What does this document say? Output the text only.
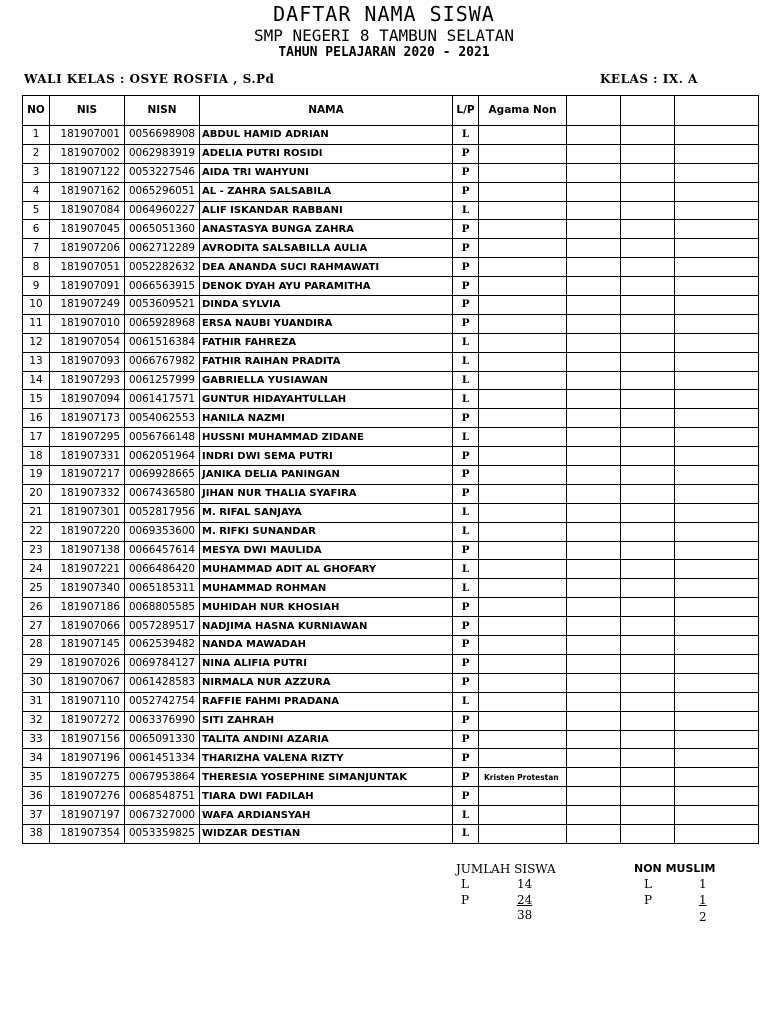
DAFTAR NAMA SISWA
SMP NEGERI 8 TAMBUN SELATAN
TAHUN PELAJARAN 2020 - 2021
WALI KELAS : OSYE ROSFIA , S.Pd	KELAS : IX. A
NO	NIS	NISN	NAMA	L/P	Agama Non			
1	181907001	0056698908	ABDUL HAMID ADRIAN	L				
2	181907002	0062983919	ADELIA PUTRI ROSIDI	P				
3	181907122	0053227546	AIDA TRI WAHYUNI	P				
4	181907162	0065296051	AL - ZAHRA SALSABILA	P				
5	181907084	0064960227	ALIF ISKANDAR RABBANI	L				
6	181907045	0065051360	ANASTASYA BUNGA ZAHRA	P				
7	181907206	0062712289	AVRODITA SALSABILLA AULIA	P				
8	181907051	0052282632	DEA ANANDA SUCI RAHMAWATI	P				
9	181907091	0066563915	DENOK DYAH AYU PARAMITHA	P				
10	181907249	0053609521	DINDA SYLVIA	P				
11	181907010	0065928968	ERSA NAUBI YUANDIRA	P				
12	181907054	0061516384	FATHIR FAHREZA	L				
13	181907093	0066767982	FATHIR RAIHAN PRADITA	L				
14	181907293	0061257999	GABRIELLA YUSIAWAN	L				
15	181907094	0061417571	GUNTUR HIDAYAHTULLAH	L				
16	181907173	0054062553	HANILA NAZMI	P				
17	181907295	0056766148	HUSSNI MUHAMMAD ZIDANE	L				
18	181907331	0062051964	INDRI DWI SEMA PUTRI	P				
19	181907217	0069928665	JANIKA DELIA PANINGAN	P				
20	181907332	0067436580	JIHAN NUR THALIA SYAFIRA	P				
21	181907301	0052817956	M. RIFAL SANJAYA	L				
22	181907220	0069353600	M. RIFKI SUNANDAR	L				
23	181907138	0066457614	MESYA DWI MAULIDA	P				
24	181907221	0066486420	MUHAMMAD ADIT AL GHOFARY	L				
25	181907340	0065185311	MUHAMMAD ROHMAN	L				
26	181907186	0068805585	MUHIDAH NUR KHOSIAH	P				
27	181907066	0057289517	NADJIMA HASNA KURNIAWAN	P				
28	181907145	0062539482	NANDA MAWADAH	P				
29	181907026	0069784127	NINA ALIFIA PUTRI	P				
30	181907067	0061428583	NIRMALA NUR AZZURA	P				
31	181907110	0052742754	RAFFIE FAHMI PRADANA	L				
32	181907272	0063376990	SITI ZAHRAH	P				
33	181907156	0065091330	TALITA ANDINI AZARIA	P				
34	181907196	0061451334	THARIZHA VALENA RIZTY	P				
35	181907275	0067953864	THERESIA YOSEPHINE SIMANJUNTAK	P	Kristen Protestan			
36	181907276	0068548751	TIARA DWI FADILAH	P				
37	181907197	0067327000	WAFA ARDIANSYAH	L				
38	181907354	0053359825	WIDZAR DESTIAN	L				
JUMLAH SISWA
L	14
P	24
38
NON MUSLIM
L	1
P	1
2
